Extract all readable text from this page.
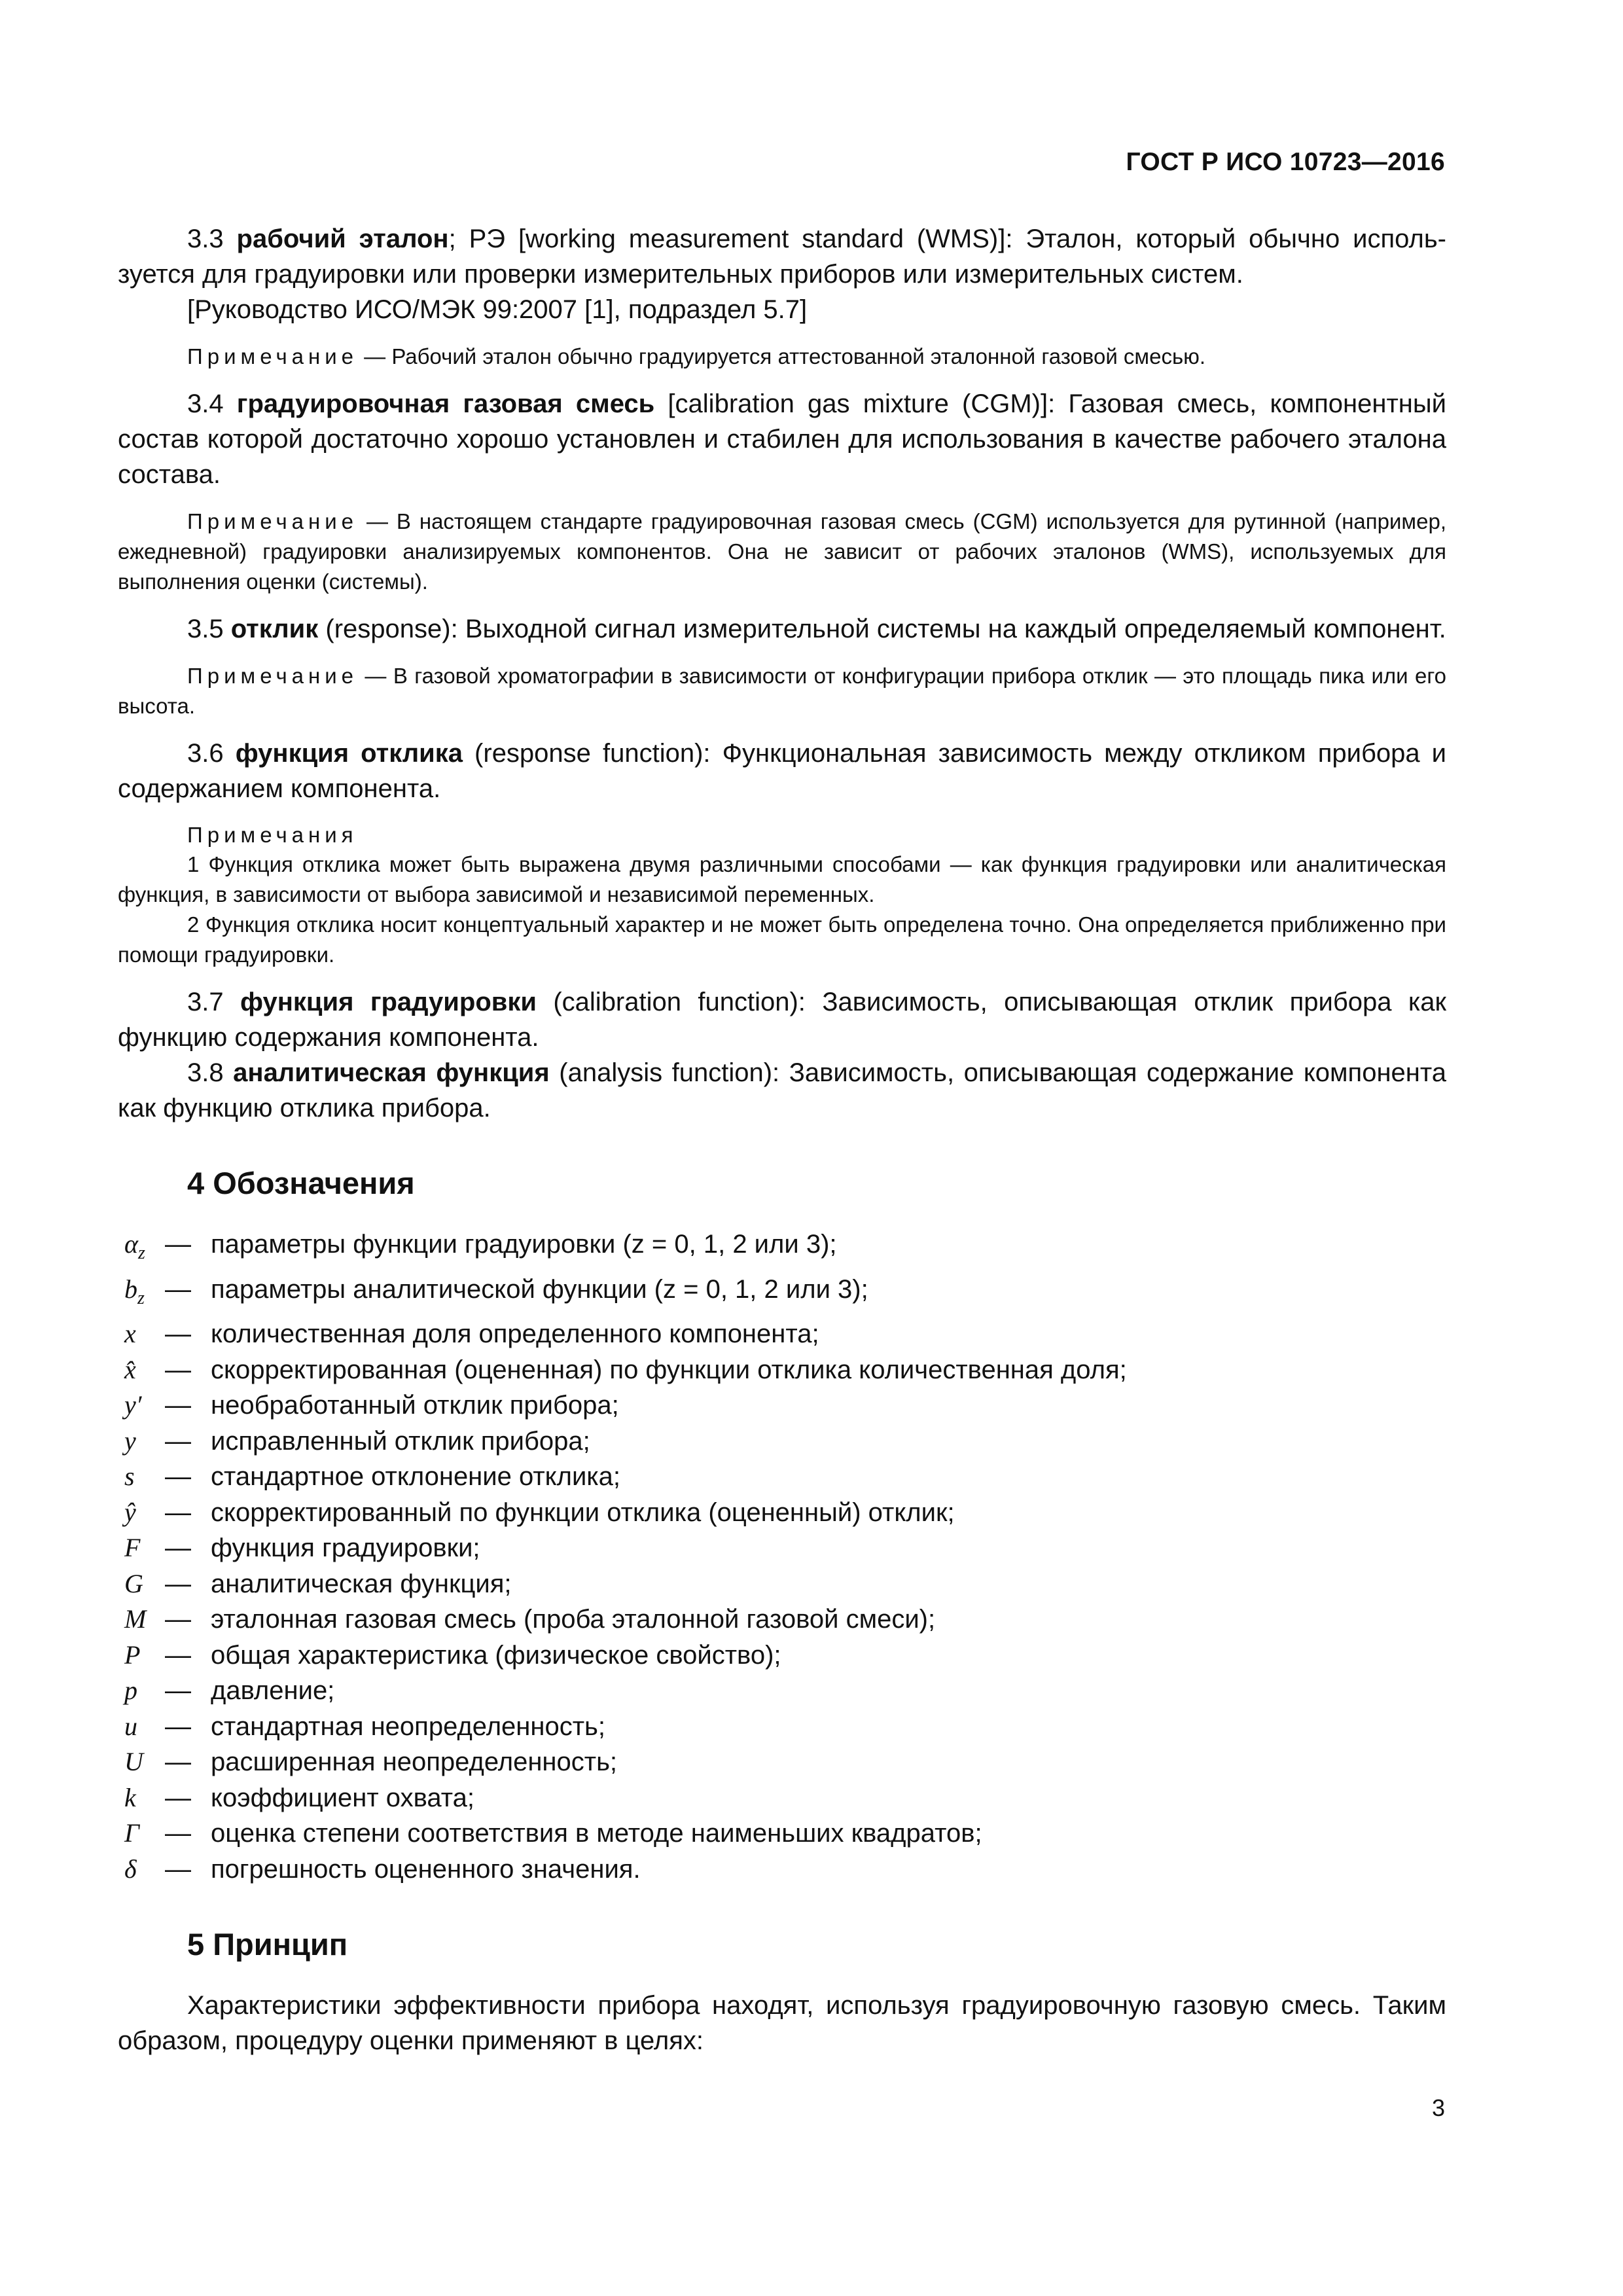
ГОСТ Р ИСО 10723—2016

3.3 рабочий эталон; РЭ [working measurement standard (WMS)]: Эталон, который обычно используется для градуировки или проверки измерительных приборов или измерительных систем.

[Руководство ИСО/МЭК 99:2007 [1], подраздел 5.7]

Примечание — Рабочий эталон обычно градуируется аттестованной эталонной газовой смесью.

3.4 градуировочная газовая смесь [calibration gas mixture (CGM)]: Газовая смесь, компонентный состав которой достаточно хорошо установлен и стабилен для использования в качестве рабочего эталона состава.

Примечание — В настоящем стандарте градуировочная газовая смесь (CGM) используется для рутинной (например, ежедневной) градуировки анализируемых компонентов. Она не зависит от рабочих эталонов (WMS), используемых для выполнения оценки (системы).

3.5 отклик (response): Выходной сигнал измерительной системы на каждый определяемый компонент.

Примечание — В газовой хроматографии в зависимости от конфигурации прибора отклик — это площадь пика или его высота.

3.6 функция отклика (response function): Функциональная зависимость между откликом прибора и содержанием компонента.

Примечания

1 Функция отклика может быть выражена двумя различными способами — как функция градуировки или аналитическая функция, в зависимости от выбора зависимой и независимой переменных.

2 Функция отклика носит концептуальный характер и не может быть определена точно. Она определяется приближенно при помощи градуировки.

3.7 функция градуировки (calibration function): Зависимость, описывающая отклик прибора как функцию содержания компонента.

3.8 аналитическая функция (analysis function): Зависимость, описывающая содержание компонента как функцию отклика прибора.

4 Обозначения
$\alpha_z$ — параметры функции градуировки (z = 0, 1, 2 или 3);
$b_z$ — параметры аналитической функции (z = 0, 1, 2 или 3);
x	— количественная доля определенного компонента;
x̂	— скорректированная (оцененная) по функции отклика количественная доля;
y′ — необработанный отклик прибора;
y	— исправленный отклик прибора;
s	— стандартное отклонение отклика;
ŷ	— скорректированный по функции отклика (оцененный) отклик;
F — функция градуировки;
G — аналитическая функция;
M — эталонная газовая смесь (проба эталонной газовой смеси);
P — общая характеристика (физическое свойство);
p	— давление;
u	— стандартная неопределенность;
U — расширенная неопределенность;
k	— коэффициент охвата;
Γ — оценка степени соответствия в методе наименьших квадратов;
δ	— погрешность оцененного значения.
5 Принцип

Характеристики эффективности прибора находят, используя градуировочную газовую смесь. Таким образом, процедуру оценки применяют в целях:

3
